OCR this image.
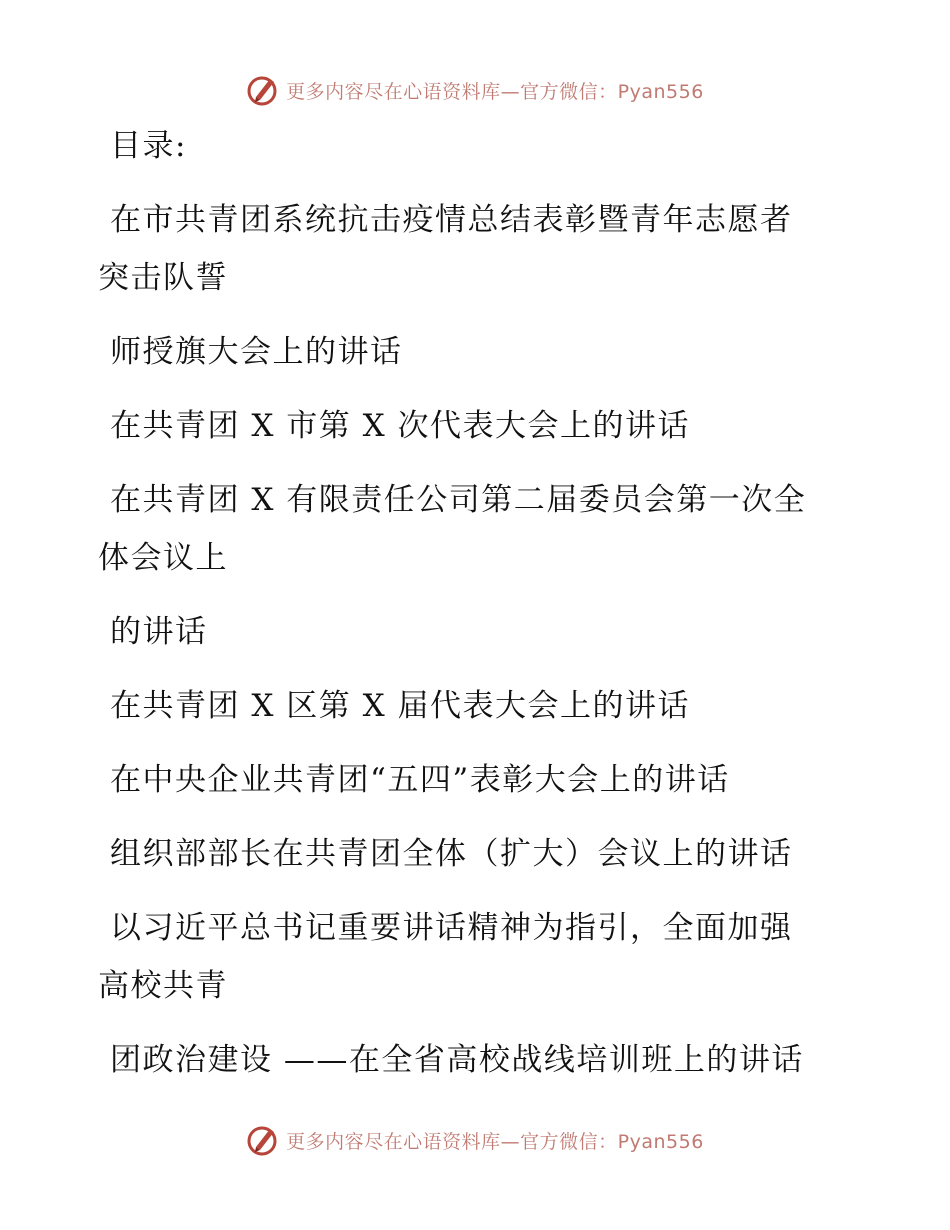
更多内容尽在心语资料库—官方微信：Pyan556
目录:
在市共青团系统抗击疫情总结表彰暨青年志愿者
突击队誓
师授旗大会上的讲话
在共青团 X 市第 X 次代表大会上的讲话
在共青团 X 有限责任公司第二届委员会第一次全
体会议上
的讲话
在共青团 X 区第 X 届代表大会上的讲话
在中央企业共青团“五四”表彰大会上的讲话
组织部部长在共青团全体（扩大）会议上的讲话
以习近平总书记重要讲话精神为指引，全面加强
高校共青
团政治建设 ——在全省高校战线培训班上的讲话
更多内容尽在心语资料库—官方微信：Pyan556
